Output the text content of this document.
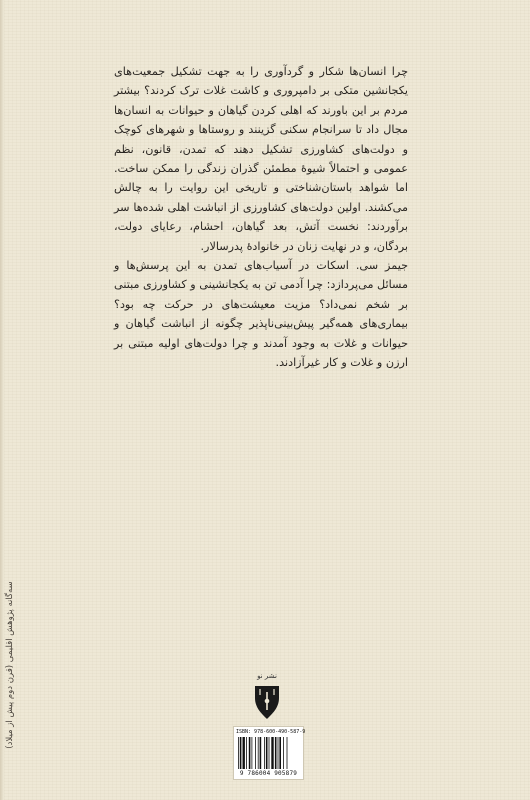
چرا انسان‌ها شکار و گردآوری را به جهت تشکیل جمعیت‌های یکجانشین متکی بر دامپروری و کاشت غلات ترک کردند؟ بیشتر مردم بر این باورند که اهلی کردن گیاهان و حیوانات به انسان‌ها مجال داد تا سرانجام سکنی گزینند و روستاها و شهرهای کوچک و دولت‌های کشاورزی تشکیل دهند که تمدن، قانون، نظم عمومی و احتمالاً شیوهٔ مطمئن گذران زندگی را ممکن ساخت. اما شواهد باستان‌شناختی و تاریخی این روایت را به چالش می‌کشند. اولین دولت‌های کشاورزی از انباشت اهلی شده‌ها سر برآوردند: نخست آتش، بعد گیاهان، احشام، رعایای دولت، بردگان، و در نهایت زنان در خانوادهٔ پدرسالار.

جیمز سی. اسکات در آسیاب‌های تمدن به این پرسش‌ها و مسائل می‌پردازد: چرا آدمی تن به یکجانشینی و کشاورزی مبتنی بر شخم نمی‌داد؟ مزیت معیشت‌های در حرکت چه بود؟ بیماری‌های همه‌گیر پیش‌بینی‌ناپذیر چگونه از انباشت گیاهان و حیوانات و غلات به وجود آمدند و چرا دولت‌های اولیه مبتنی بر ارزن و غلات و کار غیرآزادند.

سه‌گانه پژوهش اقلیمی (قرن دوم پیش از میلاد)	نشر نو
ISBN: 978-600-490-587-9
9 786004 905879
